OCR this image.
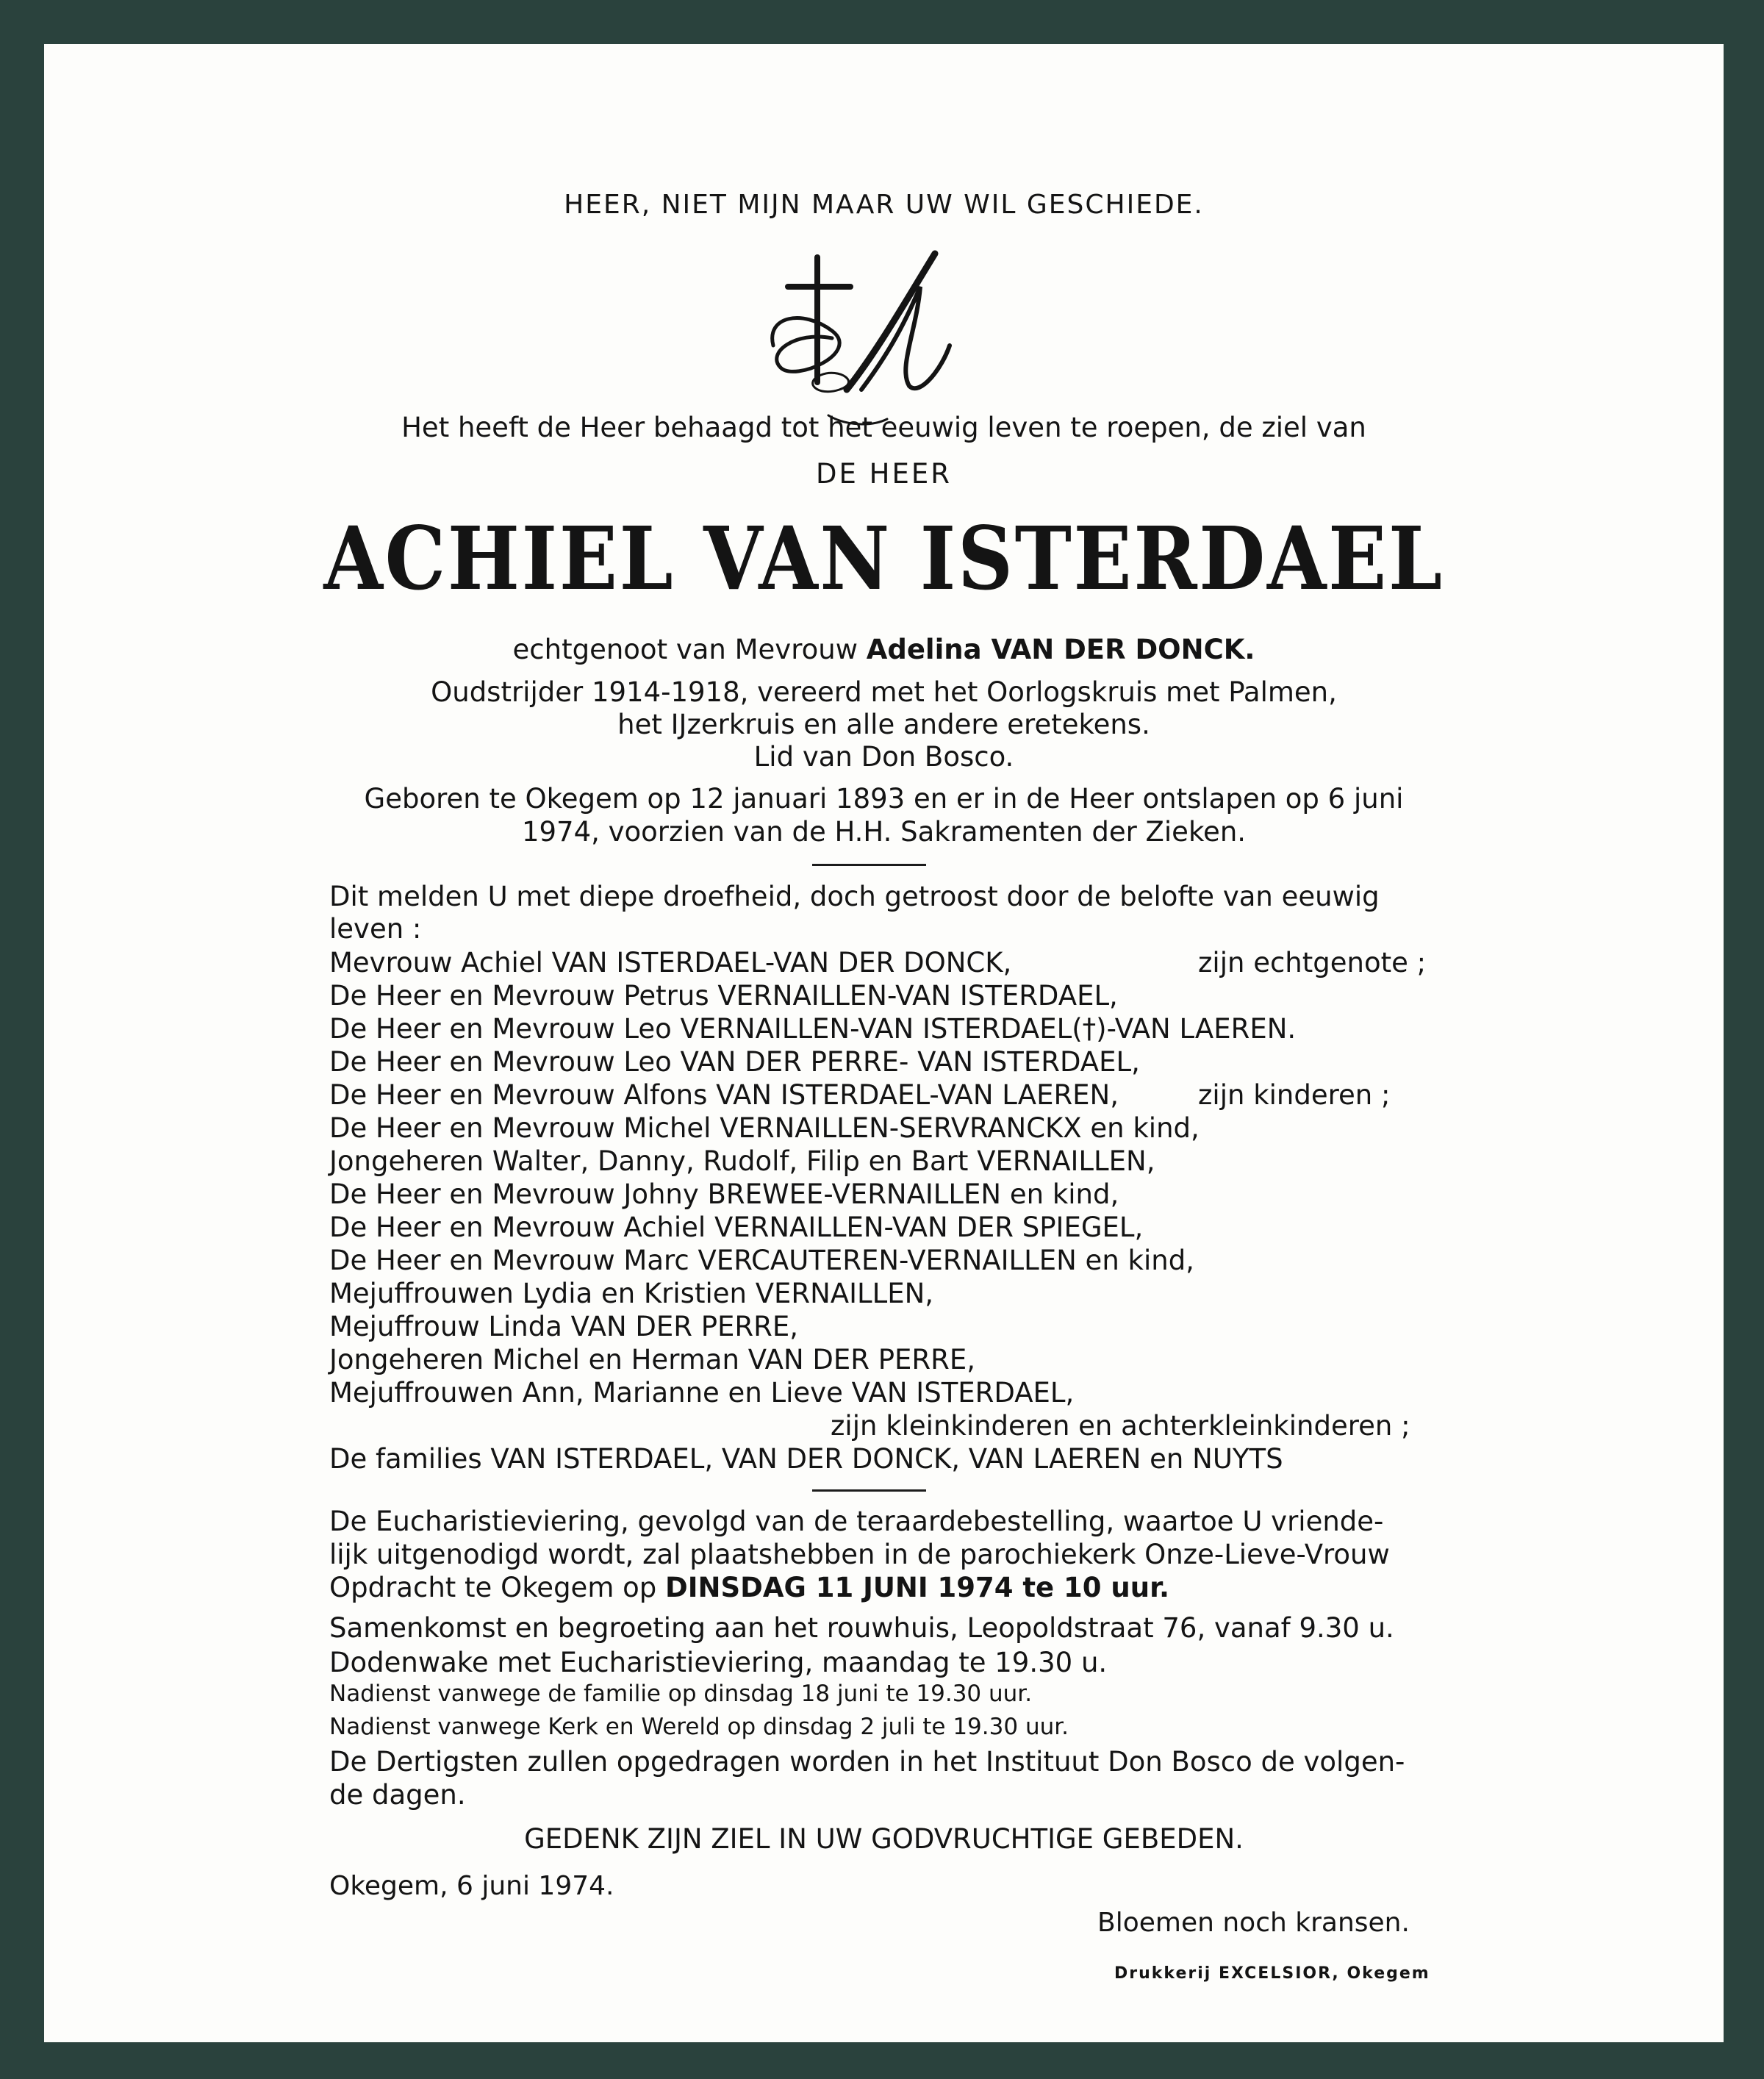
HEER, NIET MIJN MAAR UW WIL GESCHIEDE.
Het heeft de Heer behaagd tot het eeuwig leven te roepen, de ziel van
DE HEER
ACHIEL VAN ISTERDAEL
echtgenoot van Mevrouw Adelina VAN DER DONCK.
Oudstrijder 1914-1918, vereerd met het Oorlogskruis met Palmen,
het IJzerkruis en alle andere eretekens.
Lid van Don Bosco.
Geboren te Okegem op 12 januari 1893 en er in de Heer ontslapen op 6 juni
1974, voorzien van de H.H. Sakramenten der Zieken.
Dit melden U met diepe droefheid, doch getroost door de belofte van eeuwig
leven :
Mevrouw Achiel VAN ISTERDAEL-VAN DER DONCK,	zijn echtgenote ;
De Heer en Mevrouw Petrus VERNAILLEN-VAN ISTERDAEL,
De Heer en Mevrouw Leo VERNAILLEN-VAN ISTERDAEL(†)-VAN LAEREN.
De Heer en Mevrouw Leo VAN DER PERRE- VAN ISTERDAEL,
De Heer en Mevrouw Alfons VAN ISTERDAEL-VAN LAEREN,	zijn kinderen ;
De Heer en Mevrouw Michel VERNAILLEN-SERVRANCKX en kind,
Jongeheren Walter, Danny, Rudolf, Filip en Bart VERNAILLEN,
De Heer en Mevrouw Johny BREWEE-VERNAILLEN en kind,
De Heer en Mevrouw Achiel VERNAILLEN-VAN DER SPIEGEL,
De Heer en Mevrouw Marc VERCAUTEREN-VERNAILLEN en kind,
Mejuffrouwen Lydia en Kristien VERNAILLEN,
Mejuffrouw Linda VAN DER PERRE,
Jongeheren Michel en Herman VAN DER PERRE,
Mejuffrouwen Ann, Marianne en Lieve VAN ISTERDAEL,
zijn kleinkinderen en achterkleinkinderen ;
De families VAN ISTERDAEL, VAN DER DONCK, VAN LAEREN en NUYTS
De Eucharistieviering, gevolgd van de teraardebestelling, waartoe U vriende-
lijk uitgenodigd wordt, zal plaatshebben in de parochiekerk Onze-Lieve-Vrouw
Opdracht te Okegem op DINSDAG 11 JUNI 1974 te 10 uur.
Samenkomst en begroeting aan het rouwhuis, Leopoldstraat 76, vanaf 9.30 u.
Dodenwake met Eucharistieviering, maandag te 19.30 u.
Nadienst vanwege de familie op dinsdag 18 juni te 19.30 uur.
Nadienst vanwege Kerk en Wereld op dinsdag 2 juli te 19.30 uur.
De Dertigsten zullen opgedragen worden in het Instituut Don Bosco de volgen-
de dagen.
GEDENK ZIJN ZIEL IN UW GODVRUCHTIGE GEBEDEN.
Okegem, 6 juni 1974.
Bloemen noch kransen.
Drukkerij EXCELSIOR, Okegem
